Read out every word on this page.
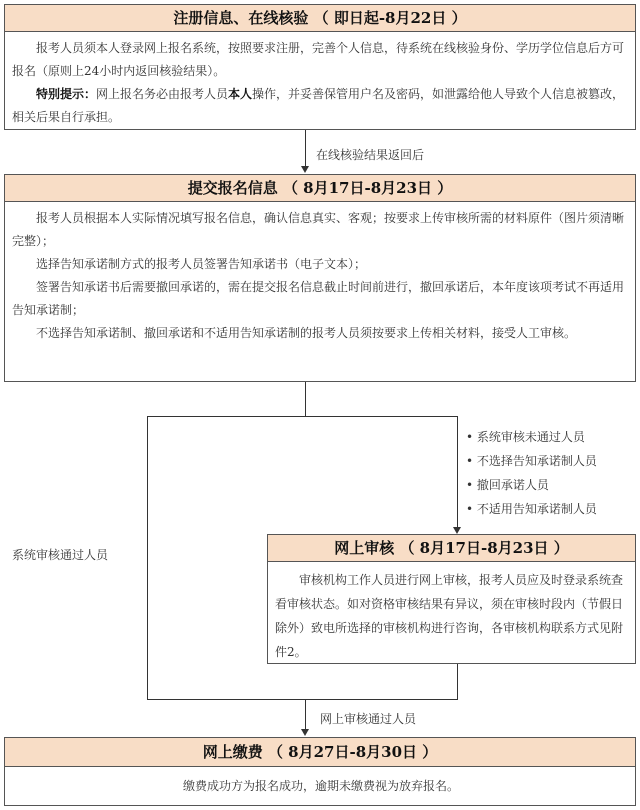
注册信息、在线核验 （ 即日起-8月22日 ）

报考人员须本人登录网上报名系统，按照要求注册，完善个人信息，待系统在线核验身份、学历学位信息后方可报名（原则上24小时内返回核验结果）。

特别提示：网上报名务必由报考人员本人操作，并妥善保管用户名及密码，如泄露给他人导致个人信息被篡改，相关后果自行承担。

在线核验结果返回后
提交报名信息 （ 8月17日-8月23日 ）

报考人员根据本人实际情况填写报名信息，确认信息真实、客观；按要求上传审核所需的材料原件（图片须清晰完整）；

选择告知承诺制方式的报考人员签署告知承诺书（电子文本）；

签署告知承诺书后需要撤回承诺的，需在提交报名信息截止时间前进行，撤回承诺后，本年度该项考试不再适用告知承诺制；

不选择告知承诺制、撤回承诺和不适用告知承诺制的报考人员须按要求上传相关材料，接受人工审核。

• 系统审核未通过人员
• 不选择告知承诺制人员
• 撤回承诺人员
• 不适用告知承诺制人员
系统审核通过人员	网上审核 （ 8月17日-8月23日 ）

审核机构工作人员进行网上审核，报考人员应及时登录系统查看审核状态。如对资格审核结果有异议，须在审核时段内（节假日除外）致电所选择的审核机构进行咨询，各审核机构联系方式见附件2。

网上审核通过人员
网上缴费 （ 8月27日-8月30日 ）
缴费成功方为报名成功，逾期未缴费视为放弃报名。
